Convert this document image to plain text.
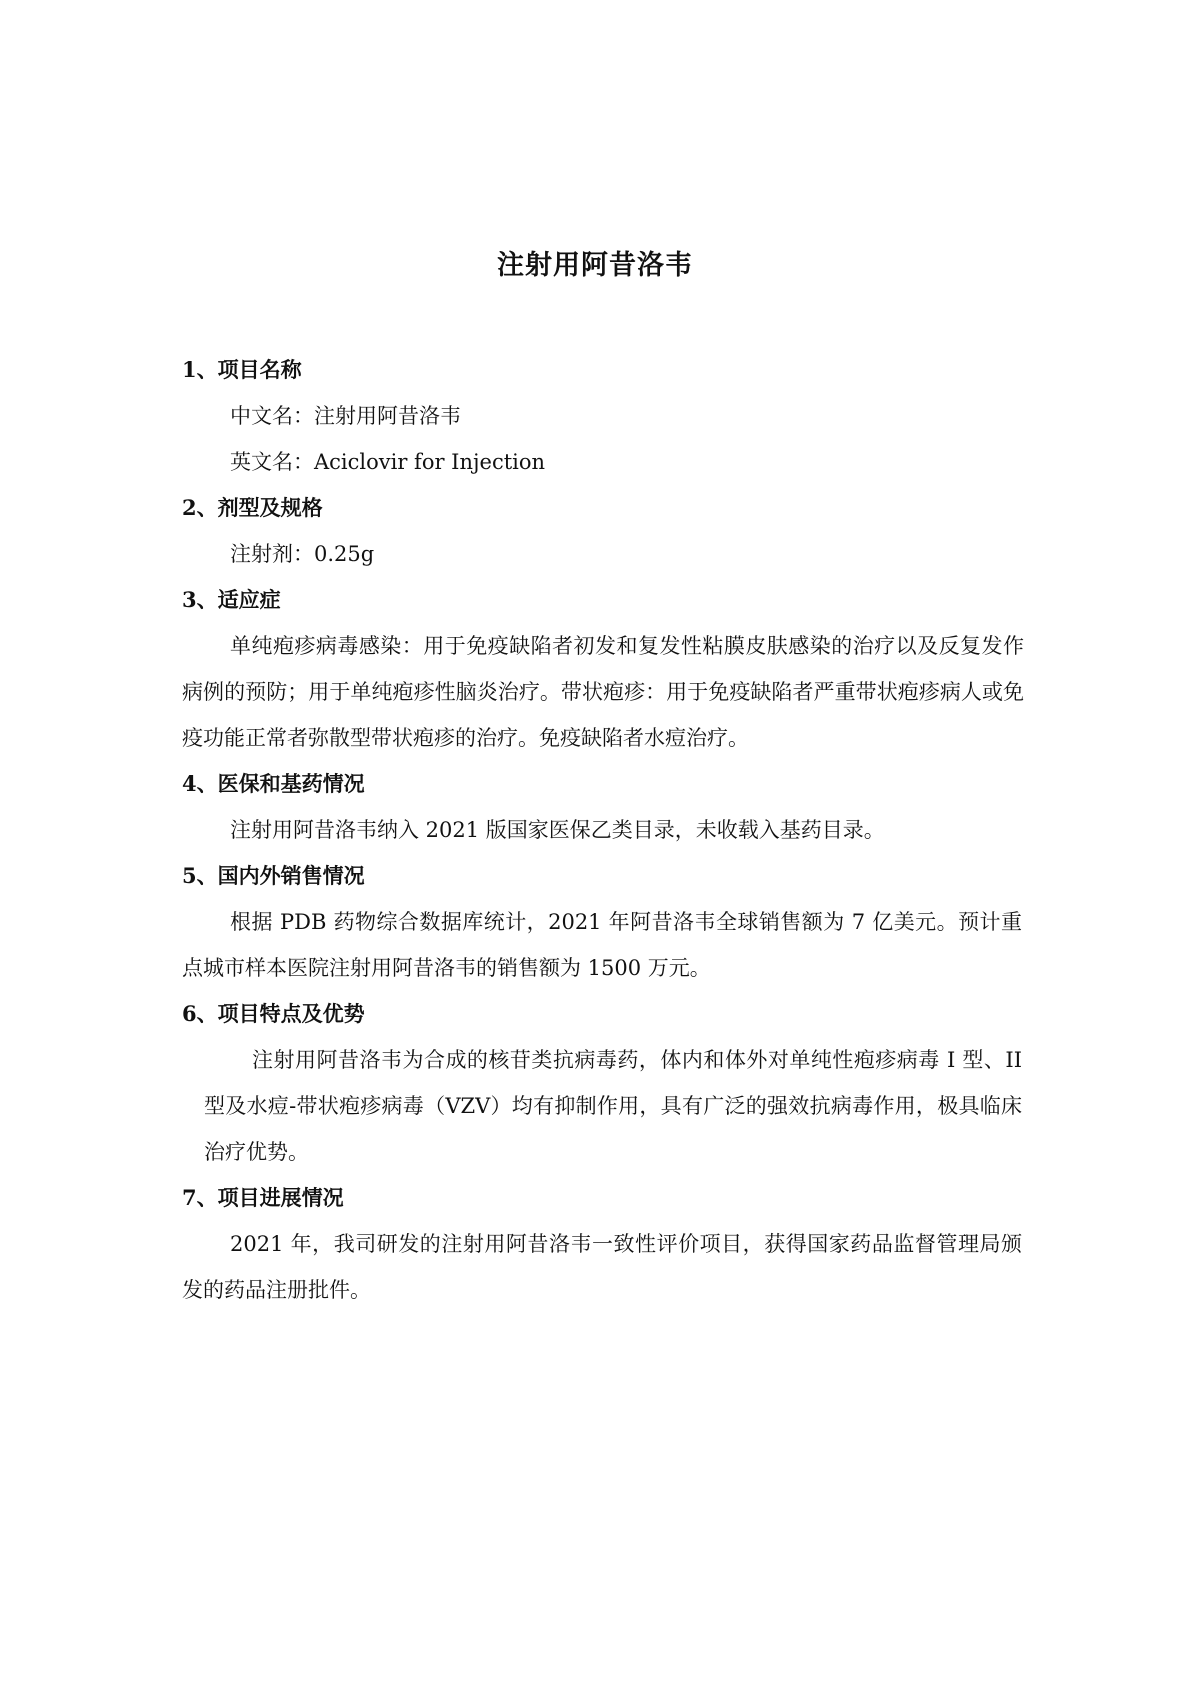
注射用阿昔洛韦
1、项目名称
中文名：注射用阿昔洛韦
英文名：Aciclovir for Injection
2、剂型及规格
注射剂：0.25g
3、适应症

单纯疱疹病毒感染：用于免疫缺陷者初发和复发性粘膜皮肤感染的治疗以及反复发作病例的预防；用于单纯疱疹性脑炎治疗。带状疱疹：用于免疫缺陷者严重带状疱疹病人或免疫功能正常者弥散型带状疱疹的治疗。免疫缺陷者水痘治疗。

4、医保和基药情况

注射用阿昔洛韦纳入 2021 版国家医保乙类目录，未收载入基药目录。

5、国内外销售情况

根据 PDB 药物综合数据库统计，2021 年阿昔洛韦全球销售额为 7 亿美元。预计重点城市样本医院注射用阿昔洛韦的销售额为 1500 万元。

6、项目特点及优势

注射用阿昔洛韦为合成的核苷类抗病毒药，体内和体外对单纯性疱疹病毒 I 型、II 型及水痘-带状疱疹病毒（VZV）均有抑制作用，具有广泛的强效抗病毒作用，极具临床治疗优势。

7、项目进展情况

2021 年，我司研发的注射用阿昔洛韦一致性评价项目，获得国家药品监督管理局颁发的药品注册批件。
